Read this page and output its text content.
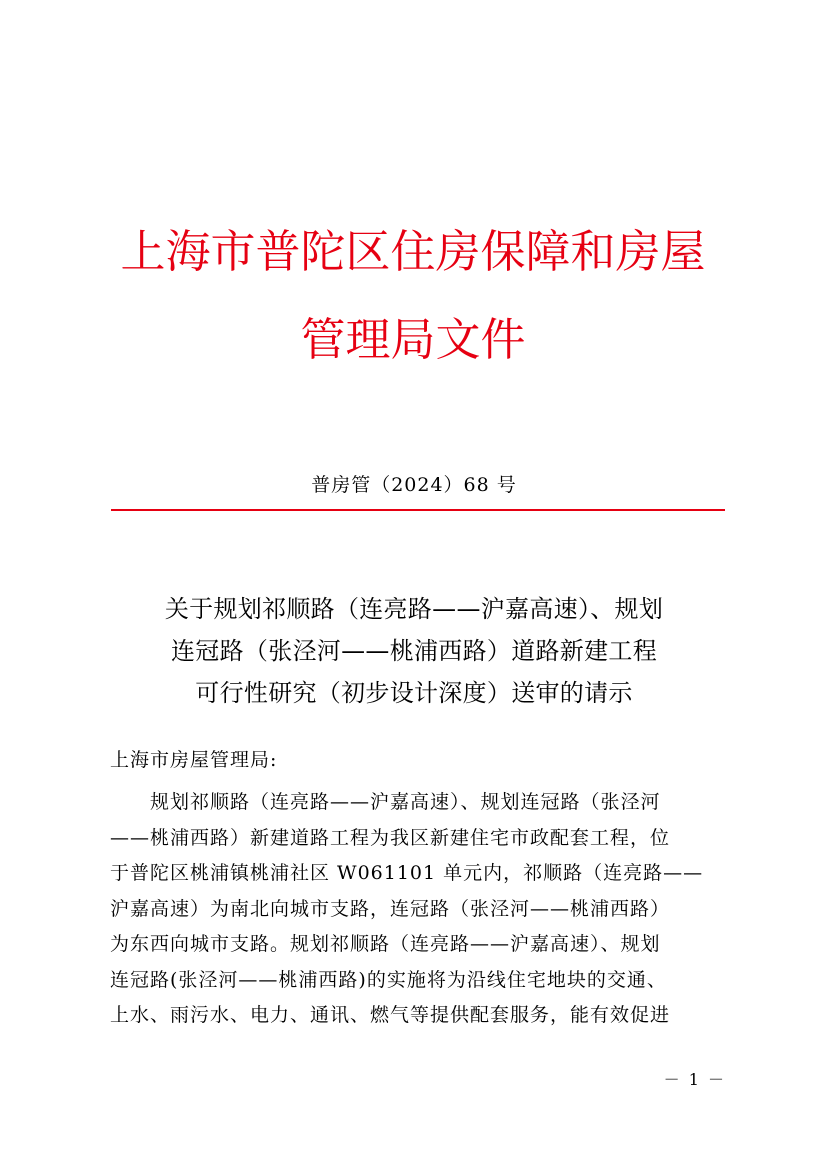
上海市普陀区住房保障和房屋管理局文件
普房管（2024）68 号
关于规划祁顺路（连亮路——沪嘉高速）、规划
连冠路（张泾河——桃浦西路）道路新建工程
可行性研究（初步设计深度）送审的请示
上海市房屋管理局:
规划祁顺路（连亮路——沪嘉高速）、规划连冠路（张泾河
——桃浦西路）新建道路工程为我区新建住宅市政配套工程，位
于普陀区桃浦镇桃浦社区 W061101 单元内，祁顺路（连亮路——
沪嘉高速）为南北向城市支路，连冠路（张泾河——桃浦西路）
为东西向城市支路。规划祁顺路（连亮路——沪嘉高速）、规划
连冠路(张泾河——桃浦西路)的实施将为沿线住宅地块的交通、
上水、雨污水、电力、通讯、燃气等提供配套服务，能有效促进
－ 1 －
